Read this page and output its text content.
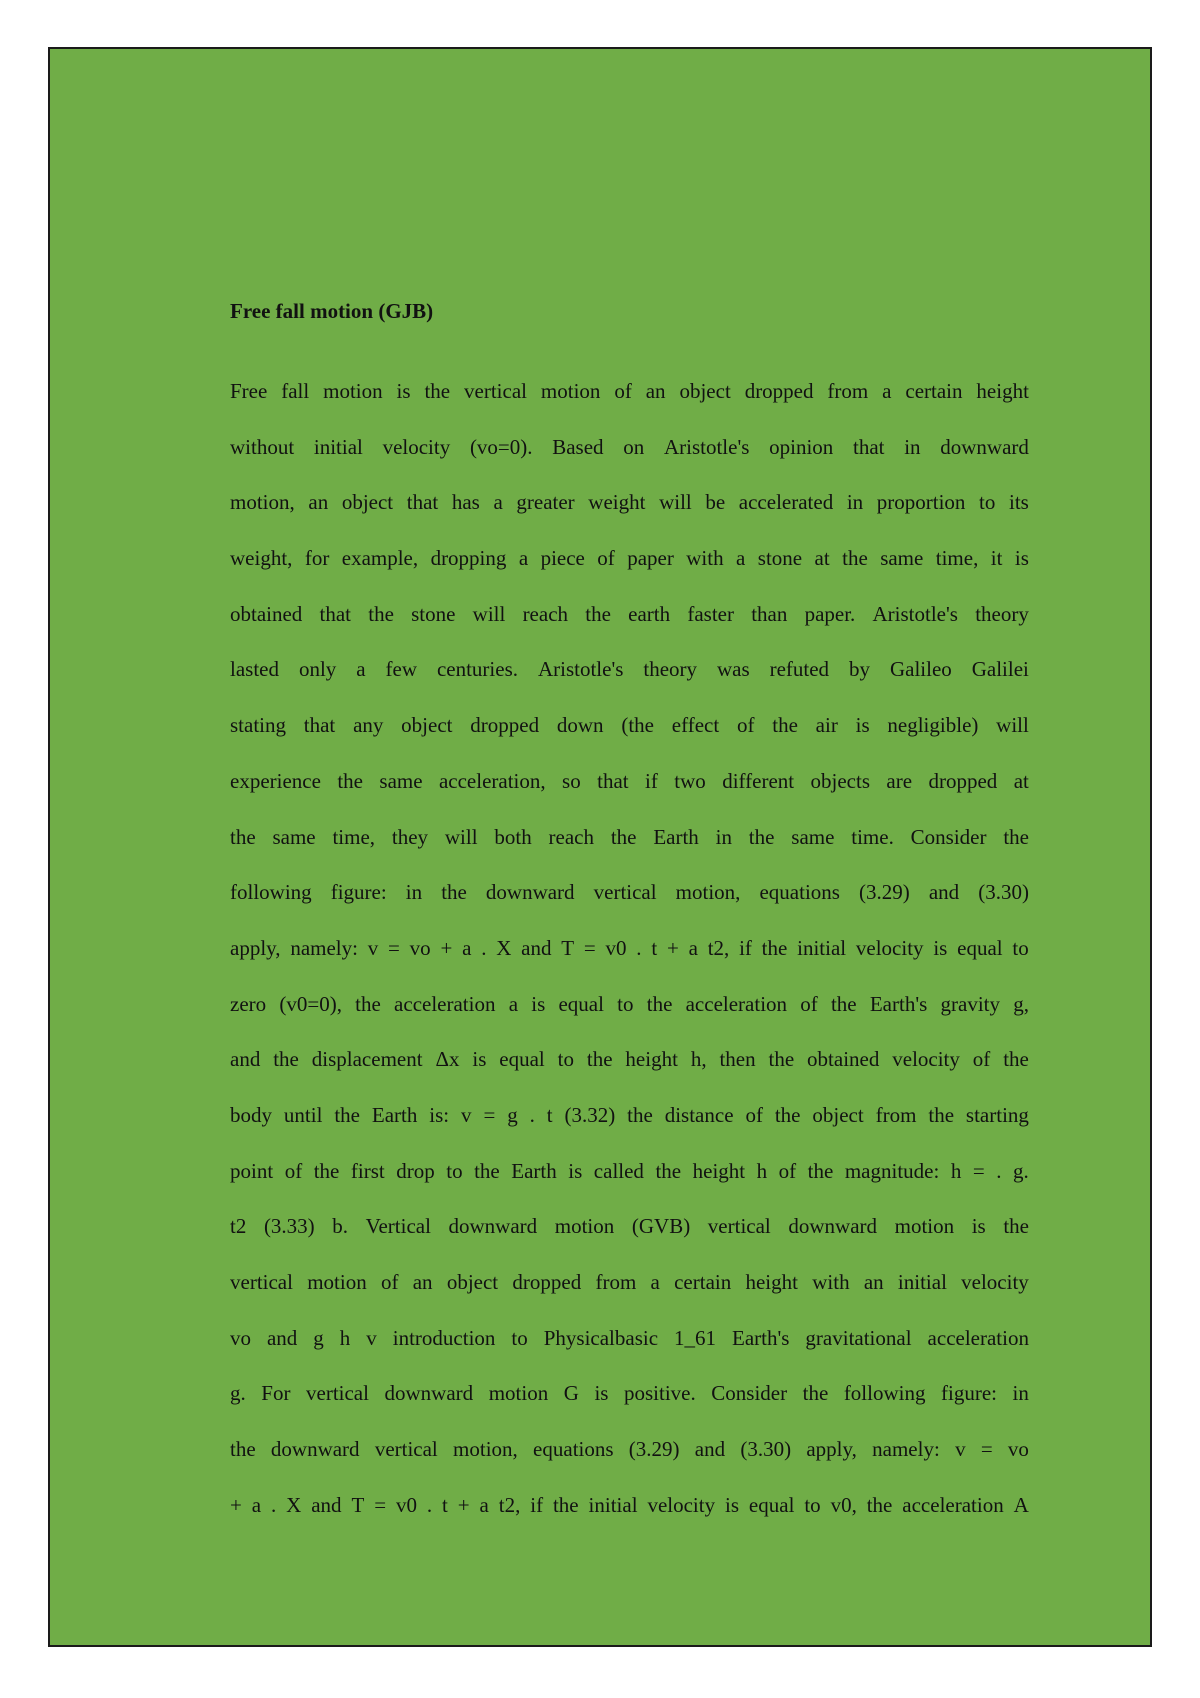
Free fall motion (GJB)

Free fall motion is the vertical motion of an object dropped from a certain height
without initial velocity (vo=0). Based on Aristotle's opinion that in downward
motion, an object that has a greater weight will be accelerated in proportion to its
weight, for example, dropping a piece of paper with a stone at the same time, it is
obtained that the stone will reach the earth faster than paper. Aristotle's theory
lasted only a few centuries. Aristotle's theory was refuted by Galileo Galilei
stating that any object dropped down (the effect of the air is negligible) will
experience the same acceleration, so that if two different objects are dropped at
the same time, they will both reach the Earth in the same time. Consider the
following figure: in the downward vertical motion, equations (3.29) and (3.30)
apply, namely: v = vo + a . X and T = v0 . t + a t2, if the initial velocity is equal to
zero (v0=0), the acceleration a is equal to the acceleration of the Earth's gravity g,
and the displacement Δx is equal to the height h, then the obtained velocity of the
body until the Earth is: v = g . t (3.32) the distance of the object from the starting
point of the first drop to the Earth is called the height h of the magnitude: h = . g.
t2 (3.33) b. Vertical downward motion (GVB) vertical downward motion is the
vertical motion of an object dropped from a certain height with an initial velocity
vo and g h v introduction to Physicalbasic 1_61 Earth's gravitational acceleration
g. For vertical downward motion G is positive. Consider the following figure: in
the downward vertical motion, equations (3.29) and (3.30) apply, namely: v = vo
+ a . X and T = v0 . t + a t2, if the initial velocity is equal to v0, the acceleration A
